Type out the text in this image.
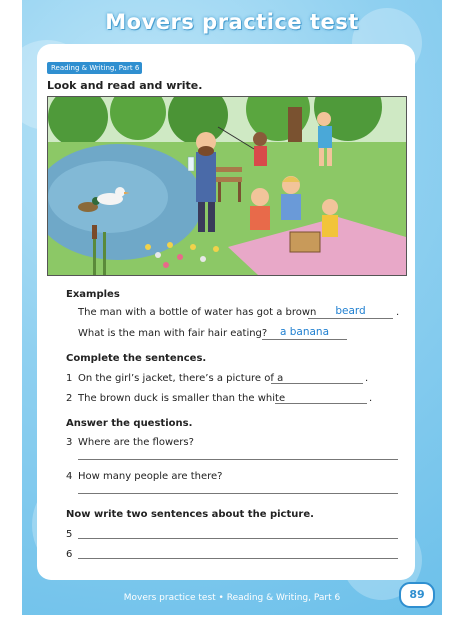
Movers practice test
Reading & Writing, Part 6
Look and read and write.
Examples
The man with a bottle of water has got a brown	beard	.
What is the man with fair hair eating?	a banana
Complete the sentences.
1 On the girl’s jacket, there’s a picture of a	.
2 The brown duck is smaller than the white	.
Answer the questions.
3 Where are the flowers?
4 How many people are there?
Now write two sentences about the picture.
5
6
Movers practice test • Reading & Writing, Part 6	89
